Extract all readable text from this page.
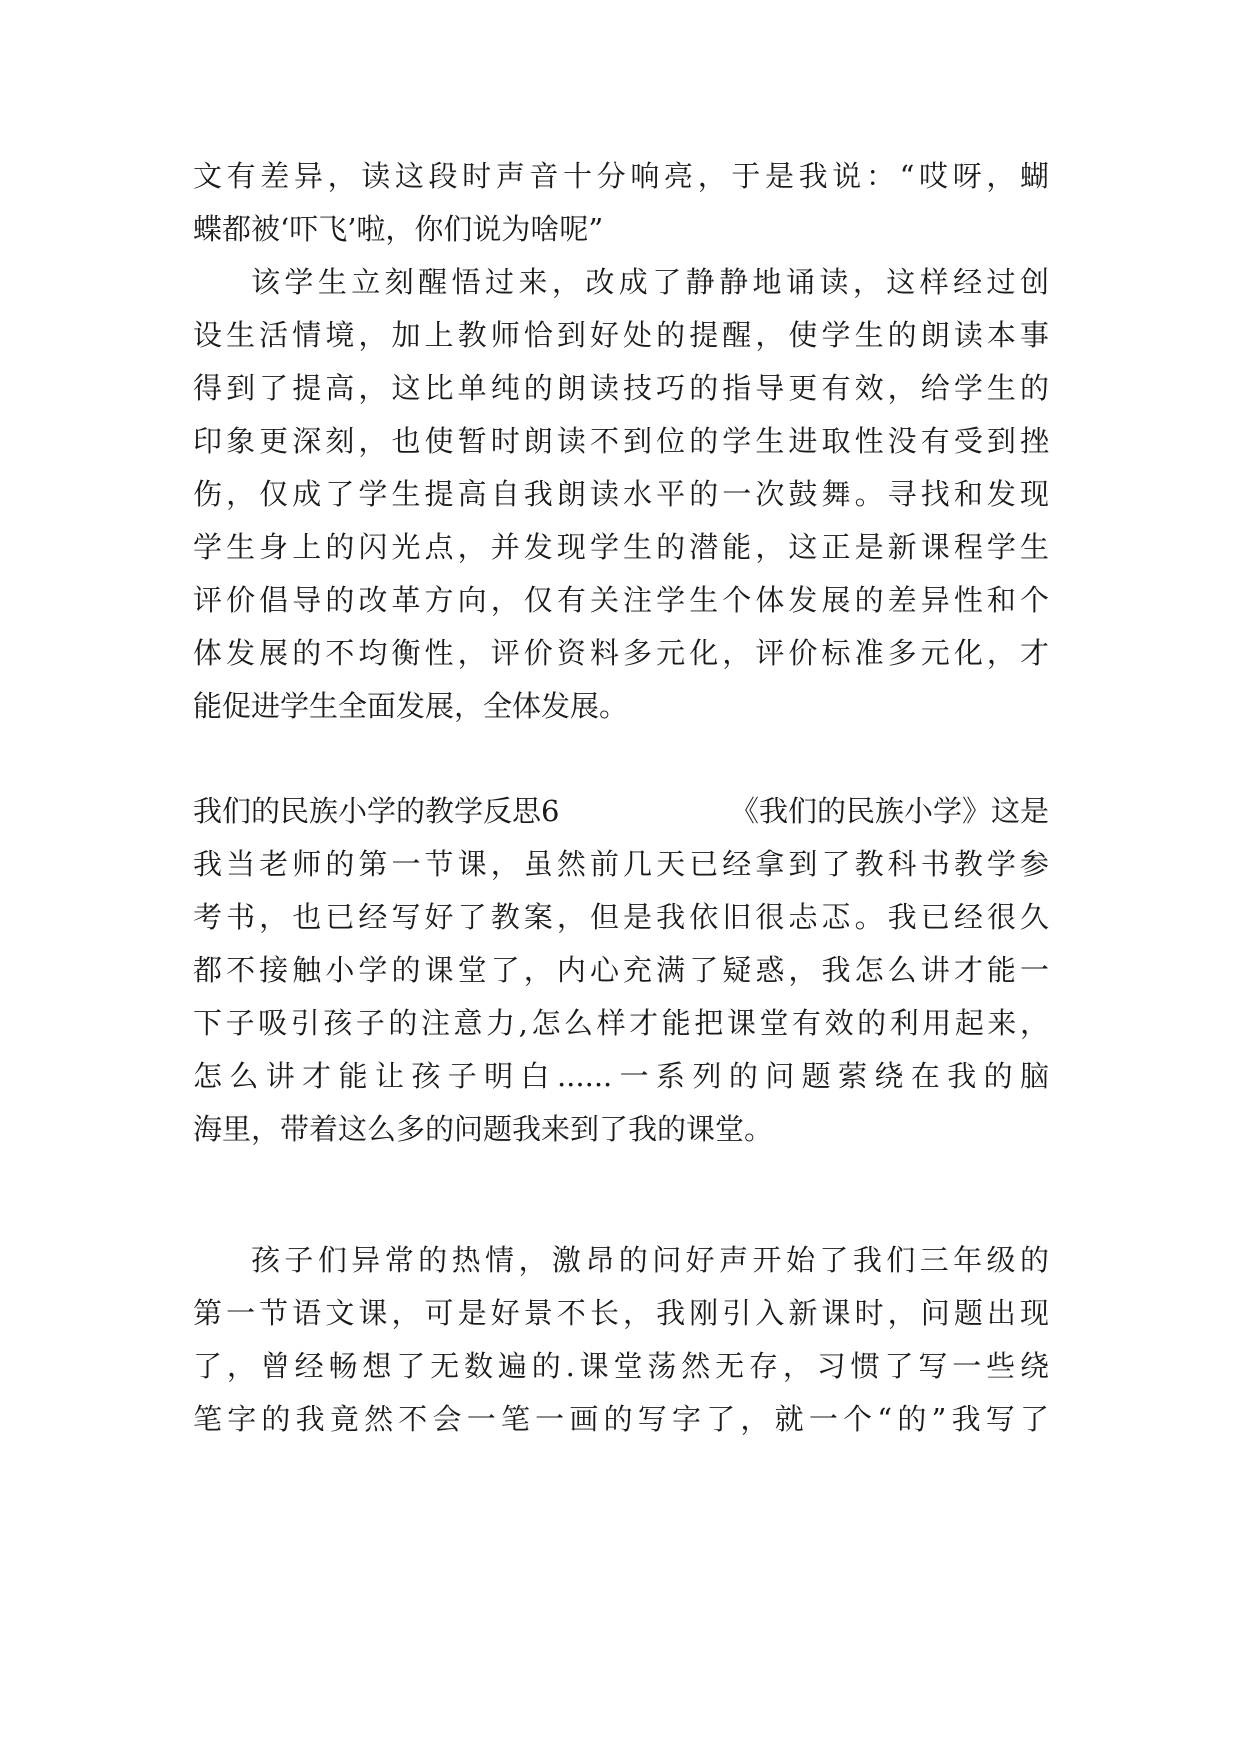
文有差异，读这段时声音十分响亮，于是我说：“哎呀，蝴
蝶都被‘吓飞’啦，你们说为啥呢”
该学生立刻醒悟过来，改成了静静地诵读，这样经过创
设生活情境，加上教师恰到好处的提醒，使学生的朗读本事
得到了提高，这比单纯的朗读技巧的指导更有效，给学生的
印象更深刻，也使暂时朗读不到位的学生进取性没有受到挫
伤，仅成了学生提高自我朗读水平的一次鼓舞。寻找和发现
学生身上的闪光点，并发现学生的潜能，这正是新课程学生
评价倡导的改革方向，仅有关注学生个体发展的差异性和个
体发展的不均衡性，评价资料多元化，评价标准多元化，才
能促进学生全面发展，全体发展。
我们的民族小学的教学反思6	《我们的民族小学》这是
我当老师的第一节课，虽然前几天已经拿到了教科书教学参
考书，也已经写好了教案，但是我依旧很忐忑。我已经很久
都不接触小学的课堂了，内心充满了疑惑，我怎么讲才能一
下子吸引孩子的注意力,怎么样才能把课堂有效的利用起来，
怎么讲才能让孩子明白......一系列的问题萦绕在我的脑
海里，带着这么多的问题我来到了我的课堂。
孩子们异常的热情，激昂的问好声开始了我们三年级的
第一节语文课，可是好景不长，我刚引入新课时，问题出现
了，曾经畅想了无数遍的.课堂荡然无存，习惯了写一些绕
笔字的我竟然不会一笔一画的写字了，就一个“的”我写了
